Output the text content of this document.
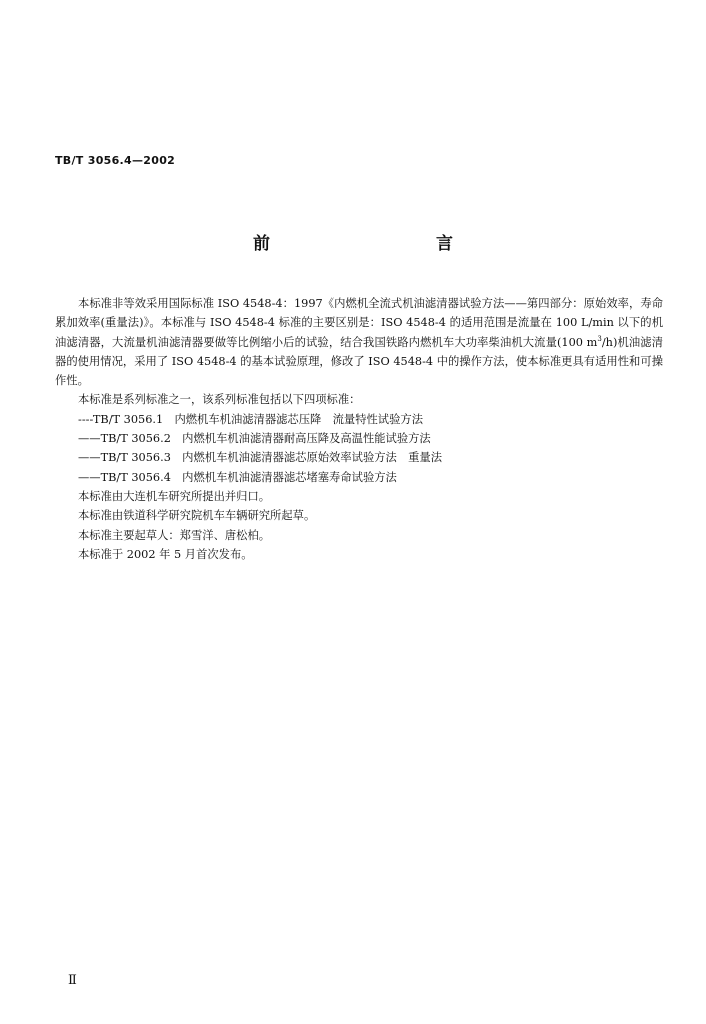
TB/T 3056.4—2002
前　　言

本标准非等效采用国际标准 ISO 4548-4：1997《内燃机全流式机油滤清器试验方法——第四部分：原始效率，寿命累加效率(重量法)》。本标准与 ISO 4548-4 标准的主要区别是：ISO 4548-4 的适用范围是流量在 100 L/min 以下的机油滤清器，大流量机油滤清器要做等比例缩小后的试验，结合我国铁路内燃机车大功率柴油机大流量(100 $m^3/h$)机油滤清器的使用情况，采用了 ISO 4548-4 的基本试验原理，修改了 ISO 4548-4 中的操作方法，使本标准更具有适用性和可操作性。

本标准是系列标准之一，该系列标准包括以下四项标准：

----TB/T 3056.1　内燃机车机油滤清器滤芯压降　流量特性试验方法
——TB/T 3056.2　内燃机车机油滤清器耐高压降及高温性能试验方法
——TB/T 3056.3　内燃机车机油滤清器滤芯原始效率试验方法　重量法
——TB/T 3056.4　内燃机车机油滤清器滤芯堵塞寿命试验方法

本标准由大连机车研究所提出并归口。

本标准由铁道科学研究院机车车辆研究所起草。

本标准主要起草人：郑雪洋、唐松柏。

本标准于 2002 年 5 月首次发布。

Ⅱ
